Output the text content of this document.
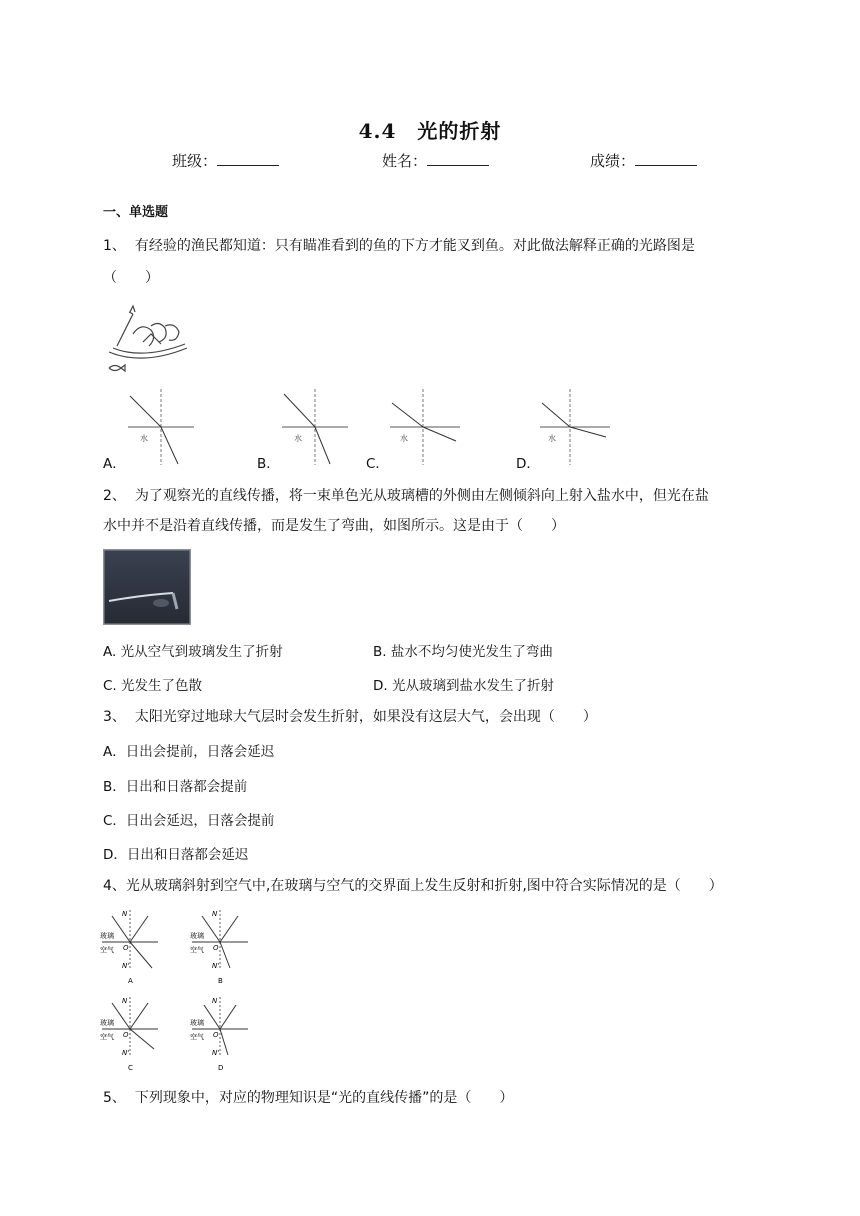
4.4　光的折射
班级：	姓名：	成绩：
一、单选题
1、 有经验的渔民都知道：只有瞄准看到的鱼的下方才能叉到鱼。对此做法解释正确的光路图是
（　　）
水	水	水	水
A．	B．	C．	D．
2、 为了观察光的直线传播，将一束单色光从玻璃槽的外侧由左侧倾斜向上射入盐水中，但光在盐
水中并不是沿着直线传播，而是发生了弯曲，如图所示。这是由于（　　）
A. 光从空气到玻璃发生了折射	B. 盐水不均匀使光发生了弯曲
C. 光发生了色散	D. 光从玻璃到盐水发生了折射
3、 太阳光穿过地球大气层时会发生折射，如果没有这层大气，会出现（　　）
A．日出会提前，日落会延迟
B．日出和日落都会提前
C．日出会延迟，日落会提前
D．日出和日落都会延迟
4、光从玻璃斜射到空气中,在玻璃与空气的交界面上发生反射和折射,图中符合实际情况的是（　　）
N
玻璃
空气 O
N'
A
N
玻璃
空气 O
N'
B
N
玻璃
空气 O
N'
C
N
玻璃
空气 O
N'
D
5、 下列现象中，对应的物理知识是“光的直线传播”的是（　　）
